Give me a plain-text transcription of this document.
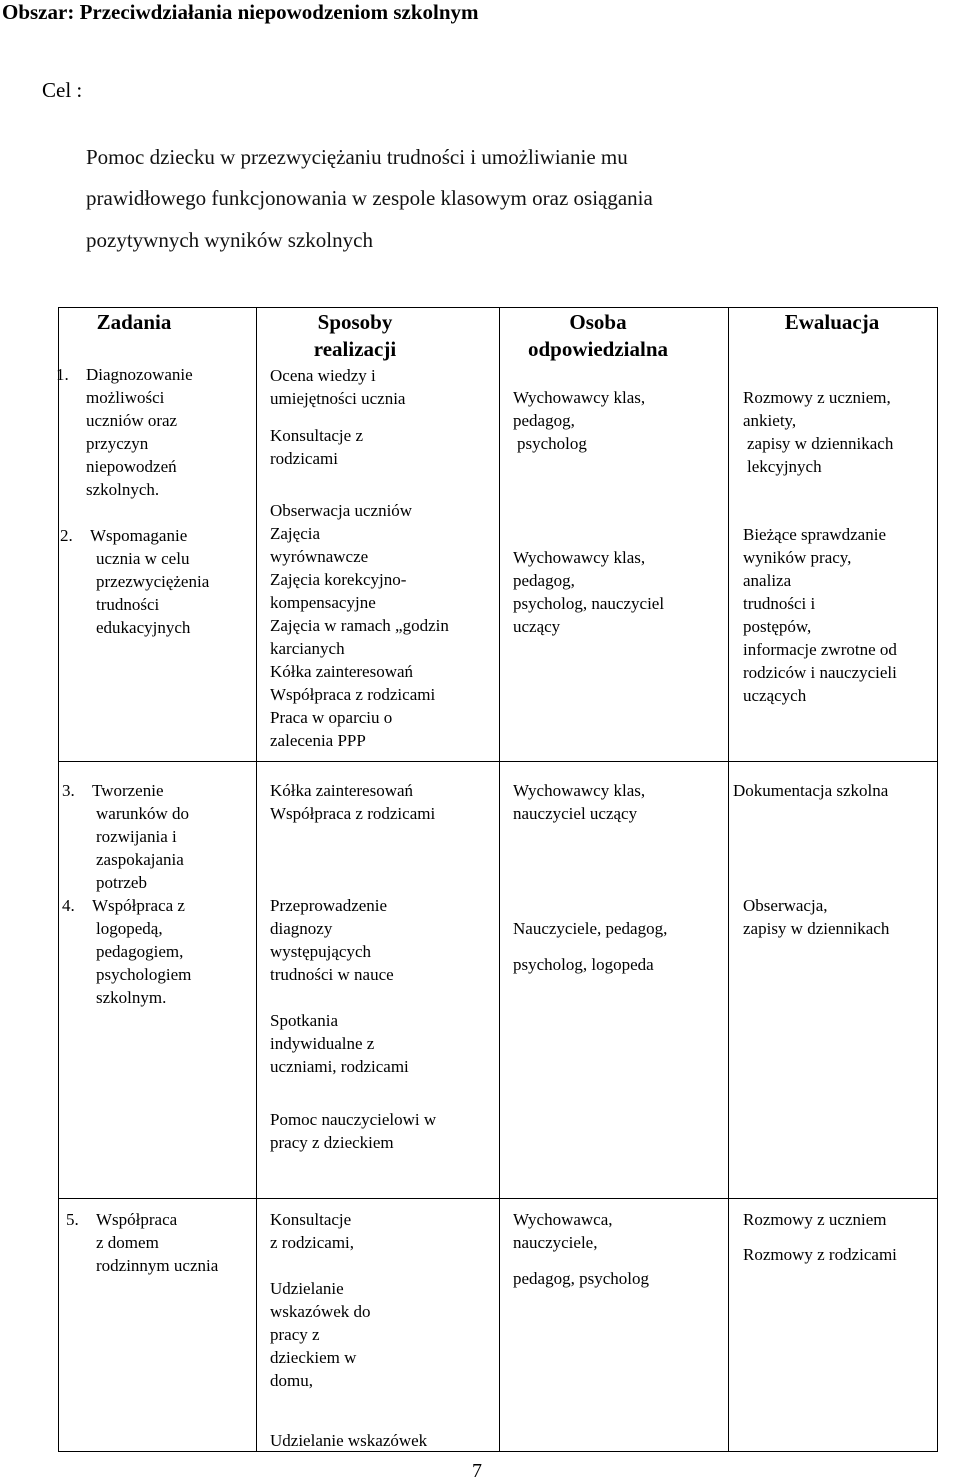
Obszar: Przeciwdziałania niepowodzeniom szkolnym
Cel :
Pomoc dziecku w przezwyciężaniu trudności i umożliwianie mu
prawidłowego funkcjonowania w zespole klasowym oraz osiągania
pozytywnych wyników szkolnych
Zadania	Sposoby
realizacji
Osoba
odpowiedzialna
Ewaluacja
1. Diagnozowanie
możliwości
uczniów oraz
przyczyn
niepowodzeń
szkolnych.
2. Wspomaganie
ucznia w celu
przezwyciężenia
trudności
edukacyjnych
3. Tworzenie
warunków do
rozwijania i
zaspokajania
potrzeb
4. Współpraca z
logopedą,
pedagogiem,
psychologiem
szkolnym.
5. Współpraca
z domem
rodzinnym ucznia
Ocena wiedzy i
umiejętności ucznia
Konsultacje z
rodzicami
Obserwacja uczniów
Zajęcia
wyrównawcze
Zajęcia korekcyjno-
kompensacyjne
Zajęcia w ramach „godzin
karcianych
Kółka zainteresowań
Współpraca z rodzicami
Praca w oparciu o
zalecenia PPP
Kółka zainteresowań
Współpraca z rodzicami
Przeprowadzenie
diagnozy
występujących
trudności w nauce
Spotkania
indywidualne z
uczniami, rodzicami
Pomoc nauczycielowi w
pracy z dzieckiem
Konsultacje
z rodzicami,
Udzielanie
wskazówek do
pracy z
dzieckiem w
domu,
Udzielanie wskazówek
Wychowawcy klas,
pedagog,
psycholog
Wychowawcy klas,
pedagog,
psycholog, nauczyciel
uczący
Wychowawcy klas,
nauczyciel uczący
Nauczyciele, pedagog,
psycholog, logopeda
Wychowawca,
nauczyciele,
pedagog, psycholog
Rozmowy z uczniem,
ankiety,
zapisy w dziennikach
lekcyjnych
Bieżące sprawdzanie
wyników pracy,
analiza
trudności i
postępów,
informacje zwrotne od
rodziców i nauczycieli
uczących
Dokumentacja szkolna
Obserwacja,
zapisy w dziennikach
Rozmowy z uczniem
Rozmowy z rodzicami
7
